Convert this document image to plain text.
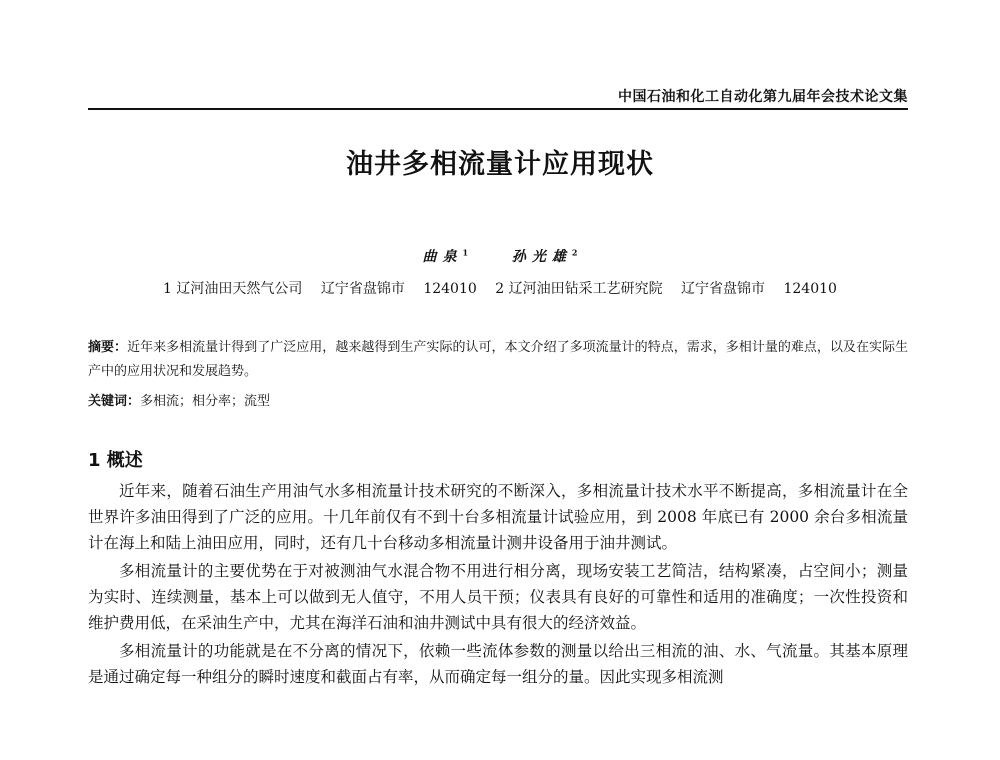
中国石油和化工自动化第九届年会技术论文集
油井多相流量计应用现状
曲泉$^1$	孙光雄$^2$
1 辽河油田天然气公司 辽宁省盘锦市 124010 2 辽河油田钻采工艺研究院 辽宁省盘锦市 124010
摘要：近年来多相流量计得到了广泛应用，越来越得到生产实际的认可，本文介绍了多项流量计的特点，需求，多相计量的难点，以及在实际生产中的应用状况和发展趋势。
关键词：多相流；相分率；流型
1 概述

近年来，随着石油生产用油气水多相流量计技术研究的不断深入，多相流量计技术水平不断提高，多相流量计在全世界许多油田得到了广泛的应用。十几年前仅有不到十台多相流量计试验应用，到 2008 年底已有 2000 余台多相流量计在海上和陆上油田应用，同时，还有几十台移动多相流量计测井设备用于油井测试。

多相流量计的主要优势在于对被测油气水混合物不用进行相分离，现场安装工艺简洁，结构紧凑，占空间小；测量为实时、连续测量，基本上可以做到无人值守，不用人员干预；仪表具有良好的可靠性和适用的准确度；一次性投资和维护费用低，在采油生产中，尤其在海洋石油和油井测试中具有很大的经济效益。

多相流量计的功能就是在不分离的情况下，依赖一些流体参数的测量以给出三相流的油、水、气流量。其基本原理是通过确定每一种组分的瞬时速度和截面占有率，从而确定每一组分的量。因此实现多相流测
